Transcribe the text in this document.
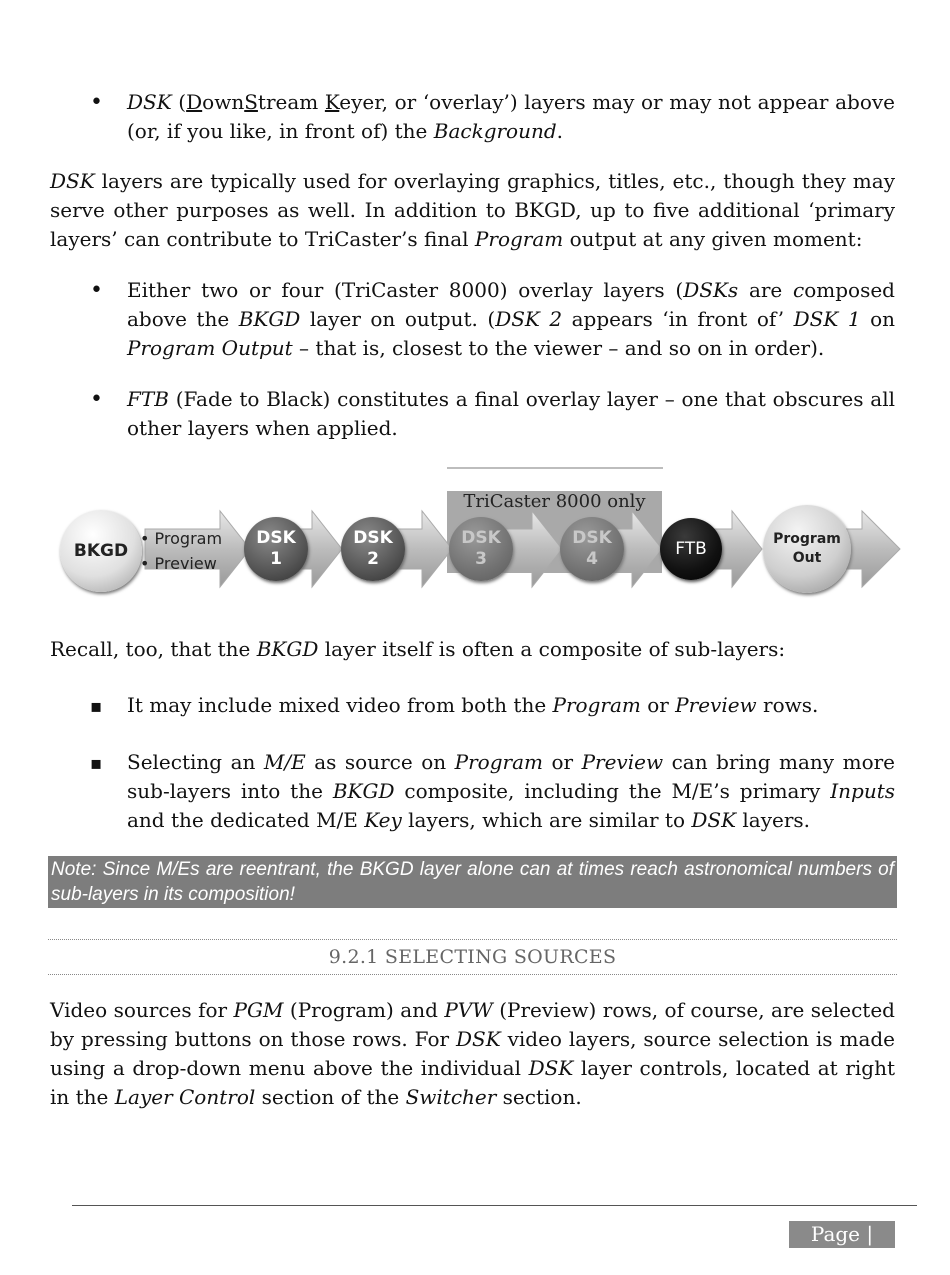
•
DSK (DownStream Keyer, or ‘overlay’) layers may or may not appear above (or, if you like, in front of) the Background.
DSK layers are typically used for overlaying graphics, titles, etc., though they may serve other purposes as well. In addition to BKGD, up to five additional ‘primary layers’ can contribute to TriCaster’s final Program output at any given moment:
•
Either two or four (TriCaster 8000) overlay layers (DSKs are composed above the BKGD layer on output. (DSK 2 appears ‘in front of’ DSK 1 on Program Output – that is, closest to the viewer – and so on in order).
•
FTB (Fade to Black) constitutes a final overlay layer – one that obscures all other layers when applied.
TriCaster 8000 only
BKGD
• Program
• Preview
DSK
1
DSK
2
DSK
3
DSK
4	FTB	Program
Out
Recall, too, that the BKGD layer itself is often a composite of sub-layers:
▪
It may include mixed video from both the Program or Preview rows.
▪
Selecting an M/E as source on Program or Preview can bring many more sub-layers into the BKGD composite, including the M/E’s primary Inputs and the dedicated M/E Key layers, which are similar to DSK layers.
Note: Since M/Es are reentrant, the BKGD layer alone can at times reach astronomical numbers of sub-layers in its composition!
9.2.1 SELECTING SOURCES
Video sources for PGM (Program) and PVW (Preview) rows, of course, are selected by pressing buttons on those rows. For DSK video layers, source selection is made using a drop-down menu above the individual DSK layer controls, located at right in the Layer Control section of the Switcher section.
Page | 175
